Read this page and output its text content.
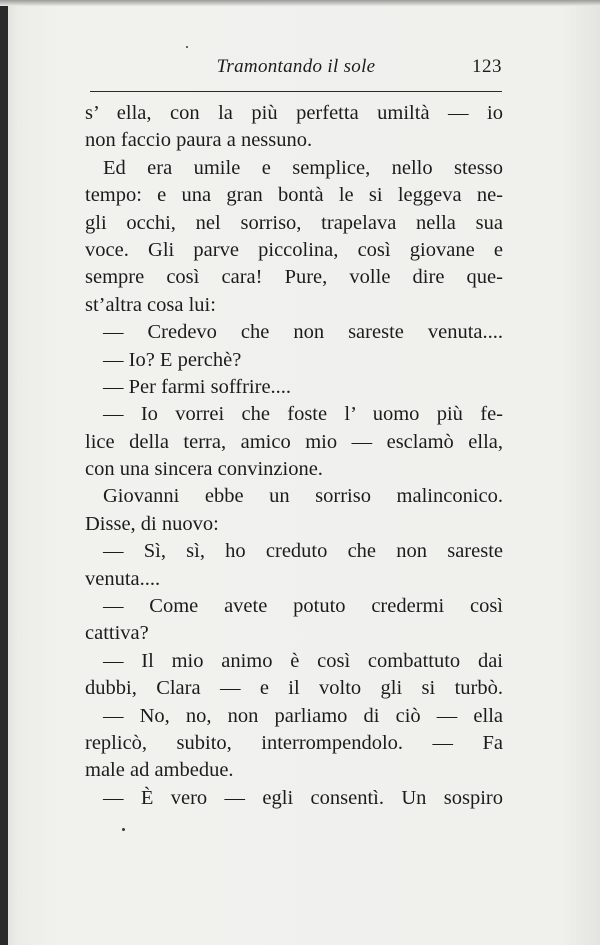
Tramontando il sole	123
s’ ella, con la più perfetta umiltà — io
non faccio paura a nessuno.
Ed era umile e semplice, nello stesso
tempo: e una gran bontà le si leggeva ne-
gli occhi, nel sorriso, trapelava nella sua
voce. Gli parve piccolina, così giovane e
sempre così cara! Pure, volle dire que-
st’altra cosa lui:
— Credevo che non sareste venuta....
— Io? E perchè?
— Per farmi soffrire....
— Io vorrei che foste l’ uomo più fe-
lice della terra, amico mio — esclamò ella,
con una sincera convinzione.
Giovanni ebbe un sorriso malinconico.
Disse, di nuovo:
— Sì, sì, ho creduto che non sareste
venuta....
— Come avete potuto credermi così
cattiva?
— Il mio animo è così combattuto dai
dubbi, Clara — e il volto gli si turbò.
— No, no, non parliamo di ciò — ella
replicò, subito, interrompendolo. — Fa
male ad ambedue.
— È vero — egli consentì. Un sospiro
